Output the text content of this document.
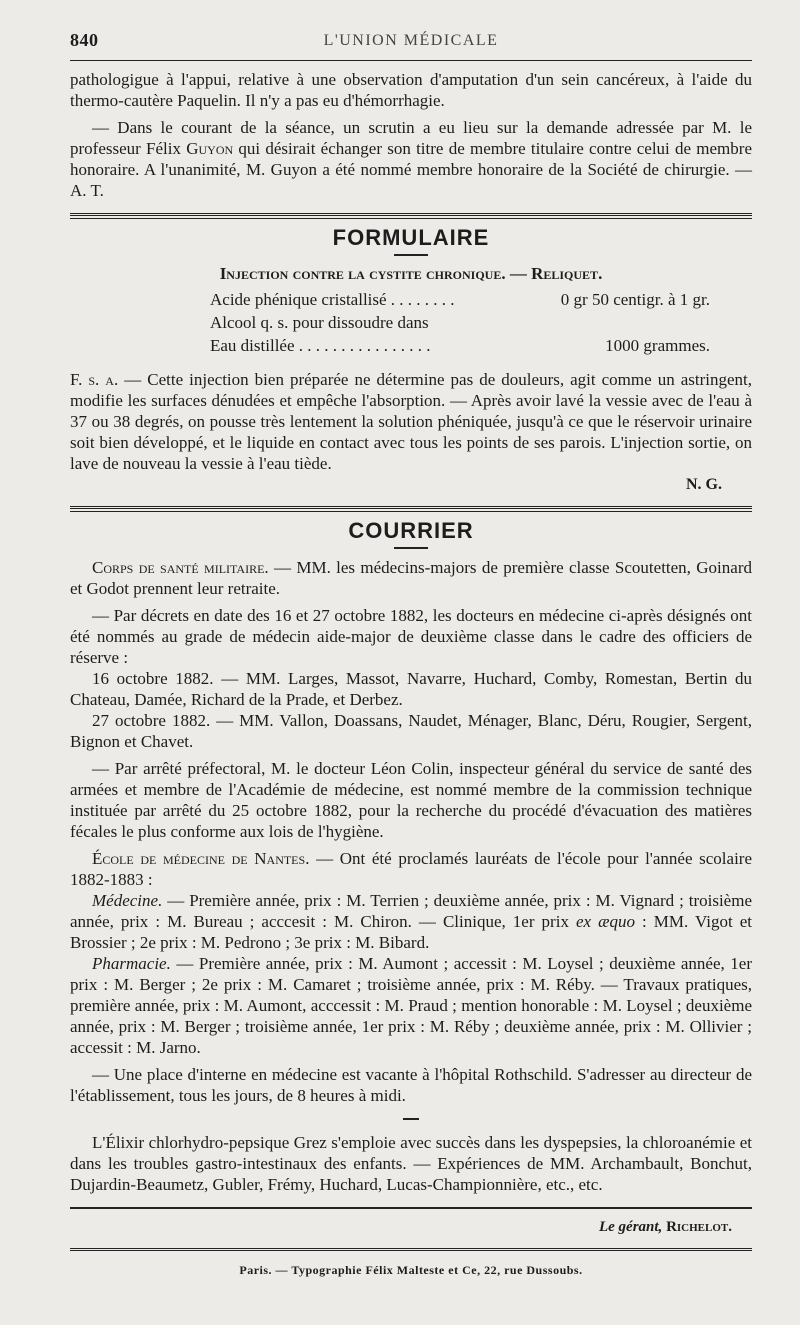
840	L'UNION MÉDICALE

pathologigue à l'appui, relative à une observation d'amputation d'un sein cancéreux, à l'aide du thermo-cautère Paquelin. Il n'y a pas eu d'hémorrhagie.

— Dans le courant de la séance, un scrutin a eu lieu sur la demande adressée par M. le professeur Félix Guyon qui désirait échanger son titre de membre titulaire contre celui de membre honoraire. A l'unanimité, M. Guyon a été nommé membre honoraire de la Société de chirurgie. — A. T.

FORMULAIRE
Injection contre la cystite chronique. — Reliquet.
Acide phénique cristallisé . . . . . . . .	0 gr 50 centigr. à 1 gr.
Alcool q. s. pour dissoudre dans
Eau distillée . . . . . . . . . . . . . . . .	1000 grammes.

F. s. a. — Cette injection bien préparée ne détermine pas de douleurs, agit comme un astringent, modifie les surfaces dénudées et empêche l'absorption. — Après avoir lavé la vessie avec de l'eau à 37 ou 38 degrés, on pousse très lentement la solution phéniquée, jusqu'à ce que le réservoir urinaire soit bien développé, et le liquide en contact avec tous les points de ses parois. L'injection sortie, on lave de nouveau la vessie à l'eau tiède.

N. G.
COURRIER

Corps de santé militaire. — MM. les médecins-majors de première classe Scoutetten, Goinard et Godot prennent leur retraite.

— Par décrets en date des 16 et 27 octobre 1882, les docteurs en médecine ci-après désignés ont été nommés au grade de médecin aide-major de deuxième classe dans le cadre des officiers de réserve :

16 octobre 1882. — MM. Larges, Massot, Navarre, Huchard, Comby, Romestan, Bertin du Chateau, Damée, Richard de la Prade, et Derbez.

27 octobre 1882. — MM. Vallon, Doassans, Naudet, Ménager, Blanc, Déru, Rougier, Sergent, Bignon et Chavet.

— Par arrêté préfectoral, M. le docteur Léon Colin, inspecteur général du service de santé des armées et membre de l'Académie de médecine, est nommé membre de la commission technique instituée par arrêté du 25 octobre 1882, pour la recherche du procédé d'évacuation des matières fécales le plus conforme aux lois de l'hygiène.

École de médecine de Nantes. — Ont été proclamés lauréats de l'école pour l'année scolaire 1882-1883 :

Médecine. — Première année, prix : M. Terrien ; deuxième année, prix : M. Vignard ; troisième année, prix : M. Bureau ; acccesit : M. Chiron. — Clinique, 1er prix ex æquo : MM. Vigot et Brossier ; 2e prix : M. Pedrono ; 3e prix : M. Bibard.

Pharmacie. — Première année, prix : M. Aumont ; accessit : M. Loysel ; deuxième année, 1er prix : M. Berger ; 2e prix : M. Camaret ; troisième année, prix : M. Réby. — Travaux pratiques, première année, prix : M. Aumont, acccessit : M. Praud ; mention honorable : M. Loysel ; deuxième année, prix : M. Berger ; troisième année, 1er prix : M. Réby ; deuxième année, prix : M. Ollivier ; accessit : M. Jarno.

— Une place d'interne en médecine est vacante à l'hôpital Rothschild. S'adresser au directeur de l'établissement, tous les jours, de 8 heures à midi.

L'Élixir chlorhydro-pepsique Grez s'emploie avec succès dans les dyspepsies, la chloroanémie et dans les troubles gastro-intestinaux des enfants. — Expériences de MM. Archambault, Bonchut, Dujardin-Beaumetz, Gubler, Frémy, Huchard, Lucas-Championnière, etc., etc.

Le gérant, Richelot.
Paris. — Typographie Félix Malteste et Ce, 22, rue Dussoubs.
